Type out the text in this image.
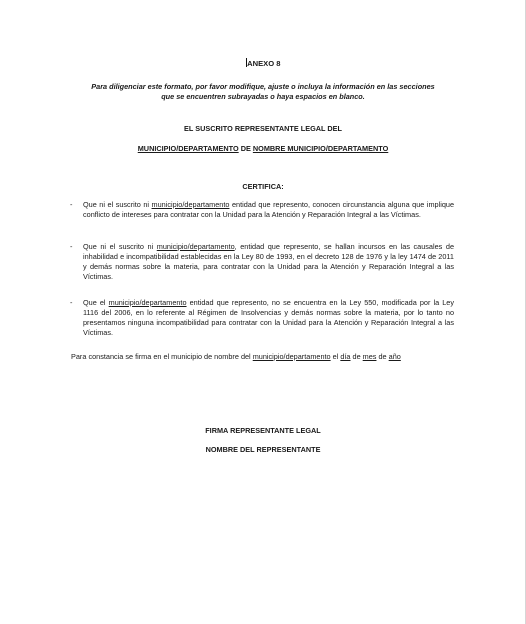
ANEXO 8
Para diligenciar este formato, por favor modifique, ajuste o incluya la información en las secciones
que se encuentren subrayadas o haya espacios en blanco.
EL SUSCRITO REPRESENTANTE LEGAL DEL
MUNICIPIO/DEPARTAMENTO DE NOMBRE MUNICIPIO/DEPARTAMENTO
CERTIFICA:
- Que ni el suscrito ni municipio/departamento entidad que represento, conocen circunstancia alguna que implique conflicto de intereses para contratar con la Unidad para la Atención y Reparación Integral a las Víctimas.
- Que ni el suscrito ni municipio/departamento, entidad que represento, se hallan incursos en las causales de inhabilidad e incompatibilidad establecidas en la Ley 80 de 1993, en el decreto 128 de 1976 y la ley 1474 de 2011 y demás normas sobre la materia, para contratar con la Unidad para la Atención y Reparación Integral a las Víctimas.
- Que el municipio/departamento entidad que represento, no se encuentra en la Ley 550, modificada por la Ley 1116 del 2006, en lo referente al Régimen de Insolvencias y demás normas sobre la materia, por lo tanto no presentamos ninguna incompatibilidad para contratar con la Unidad para la Atención y Reparación Integral a las Víctimas.
Para constancia se firma en el municipio de nombre del municipio/departamento el día de mes de año
FIRMA REPRESENTANTE LEGAL
NOMBRE DEL REPRESENTANTE
